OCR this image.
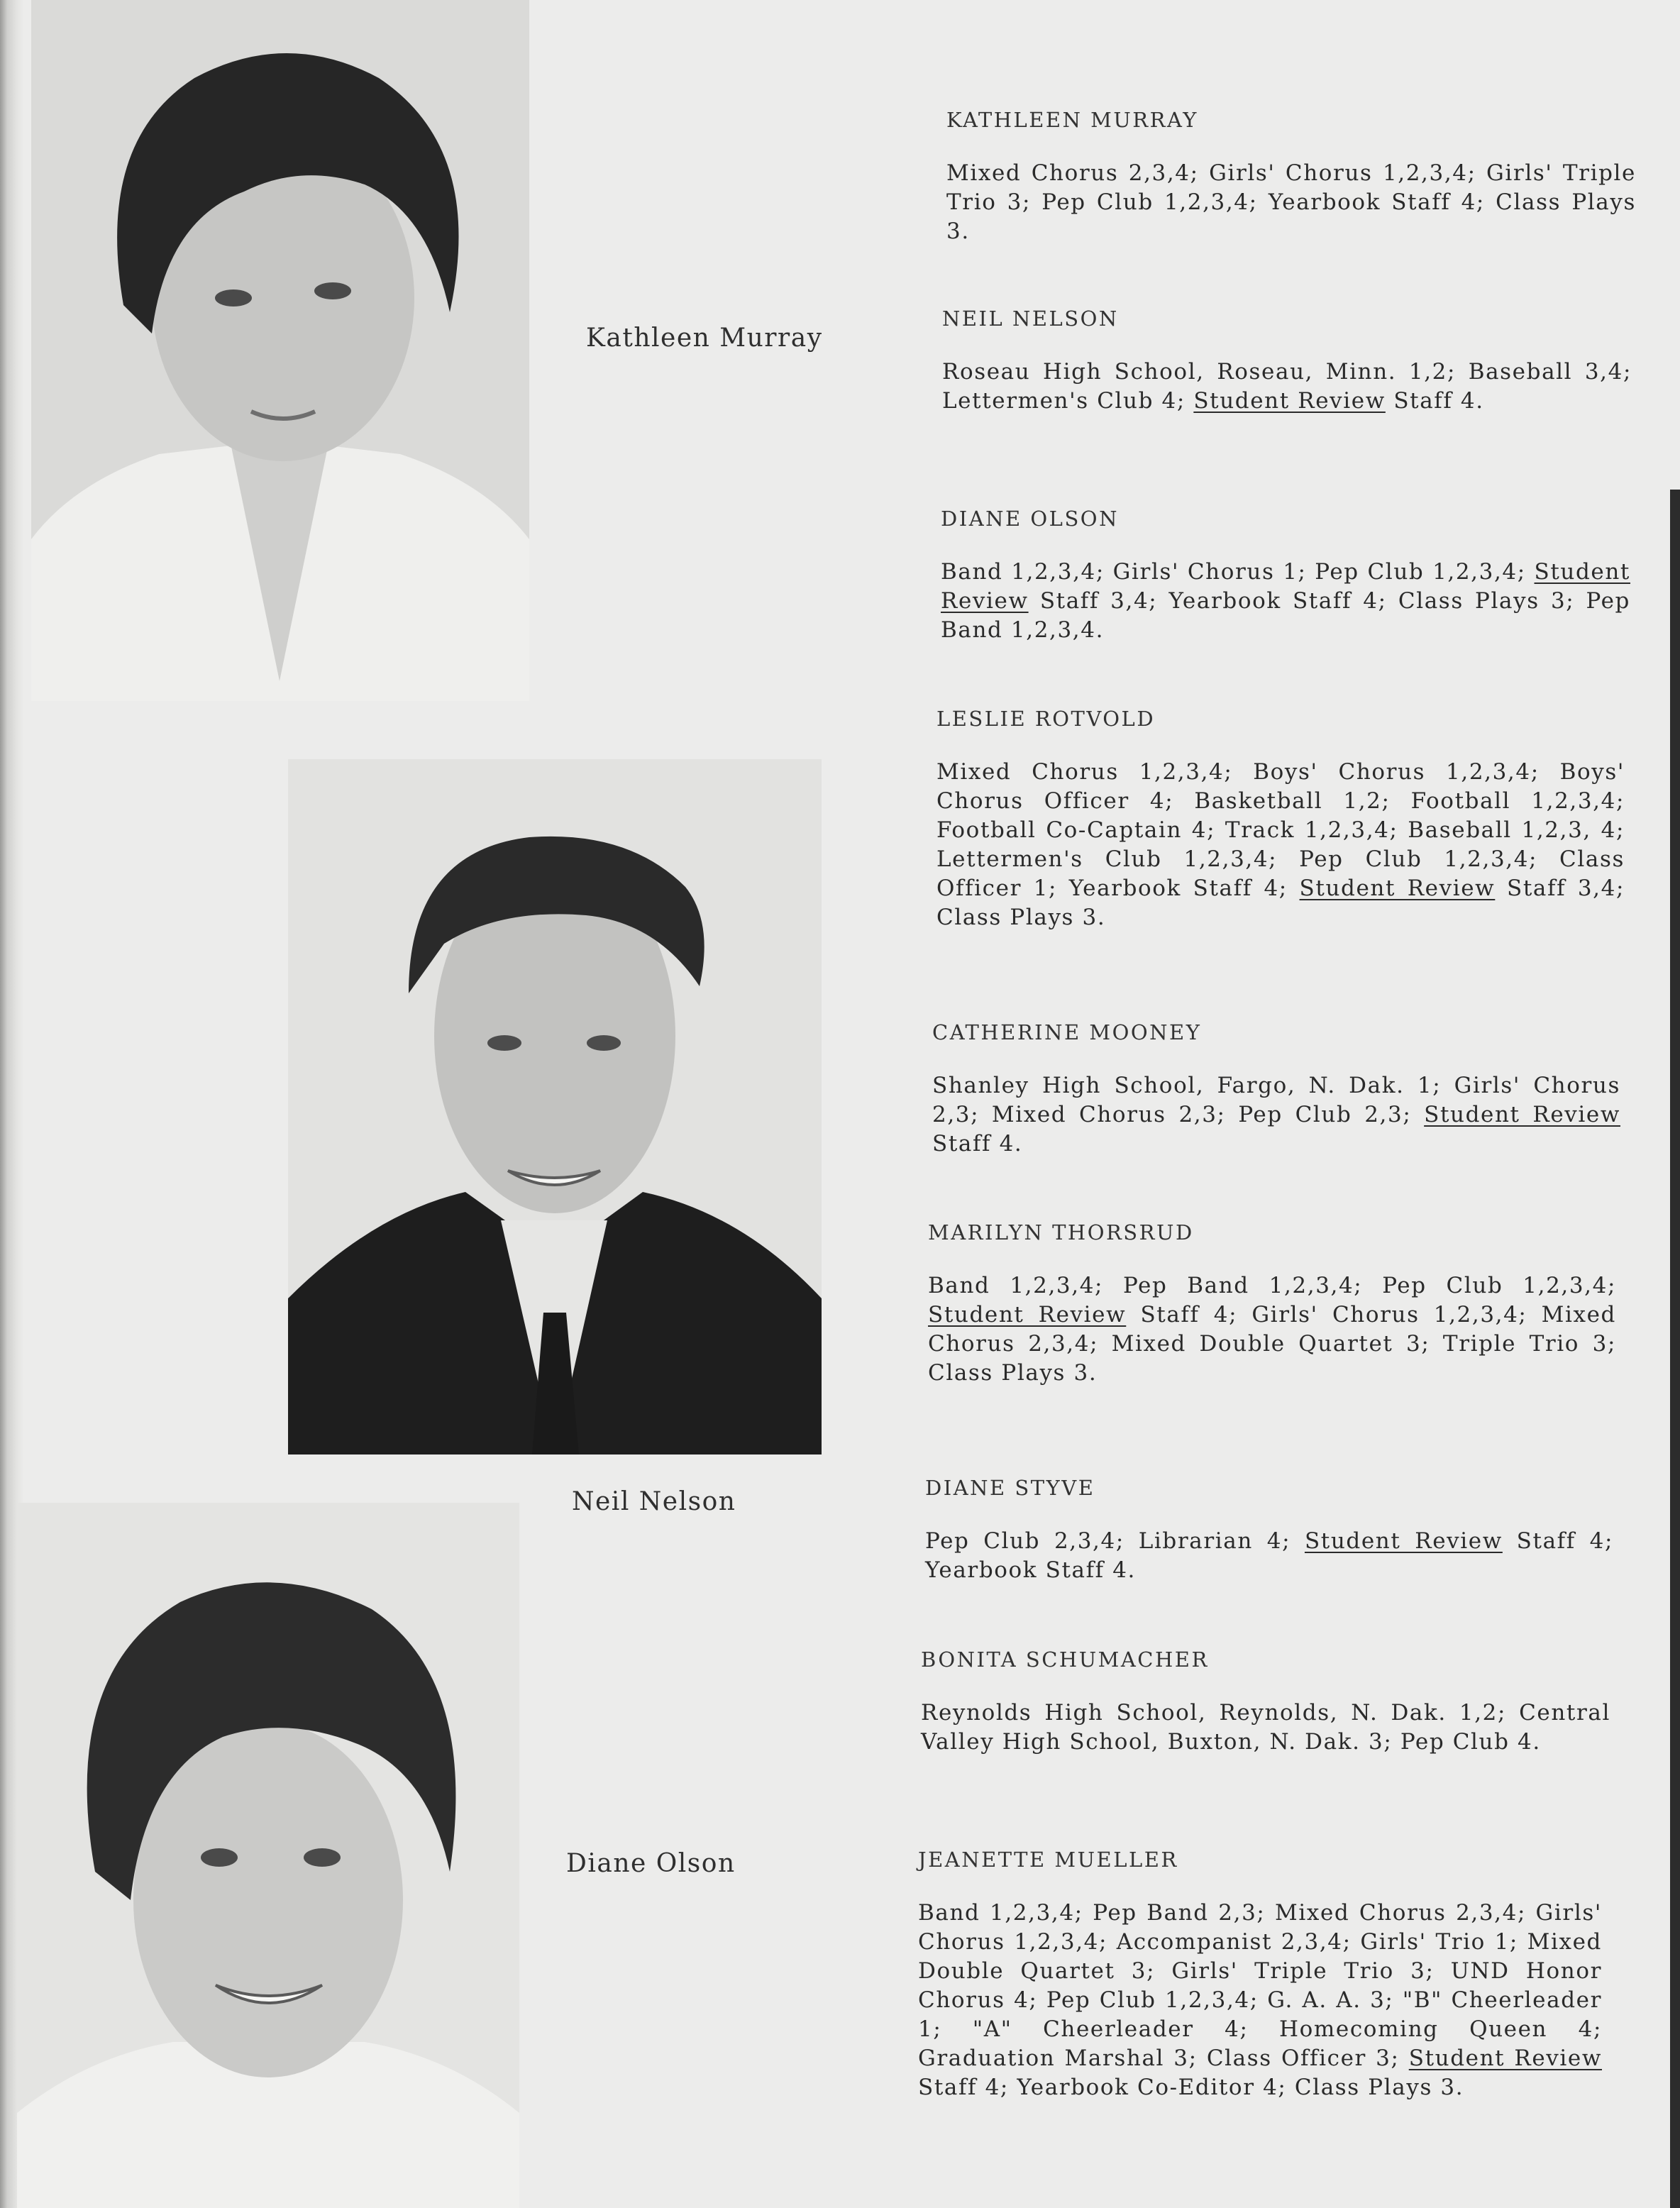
Kathleen Murray
Neil Nelson
Diane Olson
KATHLEEN MURRAY

Mixed Chorus 2,3,4; Girls' Chorus 1,2,3,4; Girls' Triple Trio 3; Pep Club 1,2,3,4; Yearbook Staff 4; Class Plays 3.

NEIL NELSON

Roseau High School, Roseau, Minn. 1,2; Baseball 3,4; Lettermen's Club 4; Student Review Staff 4.

DIANE OLSON

Band 1,2,3,4; Girls' Chorus 1; Pep Club 1,2,3,4; Student Review Staff 3,4; Yearbook Staff 4; Class Plays 3; Pep Band 1,2,3,4.

LESLIE ROTVOLD

Mixed Chorus 1,2,3,4; Boys' Chorus 1,2,3,4; Boys' Chorus Officer 4; Basketball 1,2; Football 1,2,3,4; Football Co-Captain 4; Track 1,2,3,4; Baseball 1,2,3, 4; Lettermen's Club 1,2,3,4; Pep Club 1,2,3,4; Class Officer 1; Yearbook Staff 4; Student Review Staff 3,4; Class Plays 3.

CATHERINE MOONEY

Shanley High School, Fargo, N. Dak. 1; Girls' Chorus 2,3; Mixed Chorus 2,3; Pep Club 2,3; Student Review Staff 4.

MARILYN THORSRUD

Band 1,2,3,4; Pep Band 1,2,3,4; Pep Club 1,2,3,4; Student Review Staff 4; Girls' Chorus 1,2,3,4; Mixed Chorus 2,3,4; Mixed Double Quartet 3; Triple Trio 3; Class Plays 3.

DIANE STYVE

Pep Club 2,3,4; Librarian 4; Student Review Staff 4; Yearbook Staff 4.

BONITA SCHUMACHER

Reynolds High School, Reynolds, N. Dak. 1,2; Central Valley High School, Buxton, N. Dak. 3; Pep Club 4.

JEANETTE MUELLER

Band 1,2,3,4; Pep Band 2,3; Mixed Chorus 2,3,4; Girls' Chorus 1,2,3,4; Accompanist 2,3,4; Girls' Trio 1; Mixed Double Quartet 3; Girls' Triple Trio 3; UND Honor Chorus 4; Pep Club 1,2,3,4; G. A. A. 3; "B" Cheerleader 1; "A" Cheerleader 4; Homecoming Queen 4; Graduation Marshal 3; Class Officer 3; Student Review Staff 4; Yearbook Co-Editor 4; Class Plays 3.
